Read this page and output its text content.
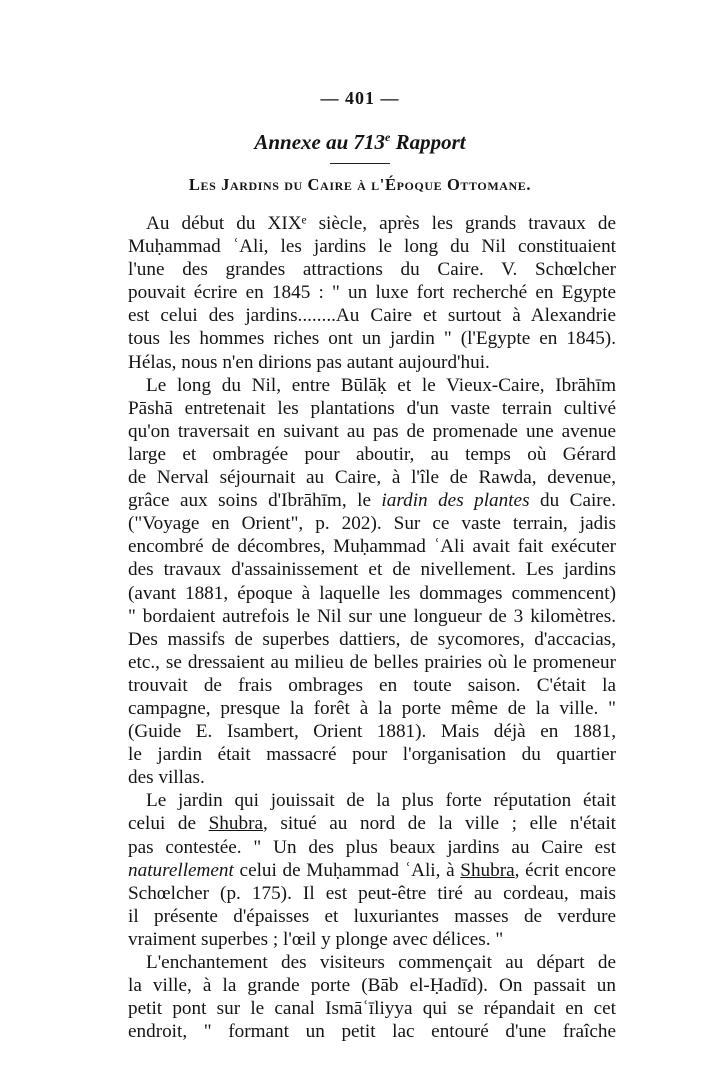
— 401 —
Annexe au 713e Rapport
Les Jardins du Caire à l'Époque Ottomane.
Au début du XIXᵉ siècle, après les grands travaux de
Muḥammad ʿAli, les jardins le long du Nil constituaient
l'une des grandes attractions du Caire. V. Schœlcher
pouvait écrire en 1845 : " un luxe fort recherché en Egypte
est celui des jardins........Au Caire et surtout à Alexandrie
tous les hommes riches ont un jardin " (l'Egypte en 1845).
Hélas, nous n'en dirions pas autant aujourd'hui.
Le long du Nil, entre Būlāḳ et le Vieux-Caire, Ibrāhīm
Pāshā entretenait les plantations d'un vaste terrain cultivé
qu'on traversait en suivant au pas de promenade une avenue
large et ombragée pour aboutir, au temps où Gérard
de Nerval séjournait au Caire, à l'île de Rawda, devenue,
grâce aux soins d'Ibrāhīm, le iardin des plantes du Caire.
("Voyage en Orient", p. 202). Sur ce vaste terrain, jadis
encombré de décombres, Muḥammad ʿAli avait fait exécuter
des travaux d'assainissement et de nivellement. Les jardins
(avant 1881, époque à laquelle les dommages commencent)
" bordaient autrefois le Nil sur une longueur de 3 kilomètres.
Des massifs de superbes dattiers, de sycomores, d'accacias,
etc., se dressaient au milieu de belles prairies où le promeneur
trouvait de frais ombrages en toute saison. C'était la
campagne, presque la forêt à la porte même de la ville. "
(Guide E. Isambert, Orient 1881). Mais déjà en 1881,
le jardin était massacré pour l'organisation du quartier
des villas.
Le jardin qui jouissait de la plus forte réputation était
celui de Shubra, situé au nord de la ville ; elle n'était
pas contestée. " Un des plus beaux jardins au Caire est
naturellement celui de Muḥammad ʿAli, à Shubra, écrit encore
Schœlcher (p. 175). Il est peut-être tiré au cordeau, mais
il présente d'épaisses et luxuriantes masses de verdure
vraiment superbes ; l'œil y plonge avec délices. "
L'enchantement des visiteurs commençait au départ de
la ville, à la grande porte (Bāb el-Ḥadīd). On passait un
petit pont sur le canal Ismāʿīliyya qui se répandait en cet
endroit, " formant un petit lac entouré d'une fraîche
